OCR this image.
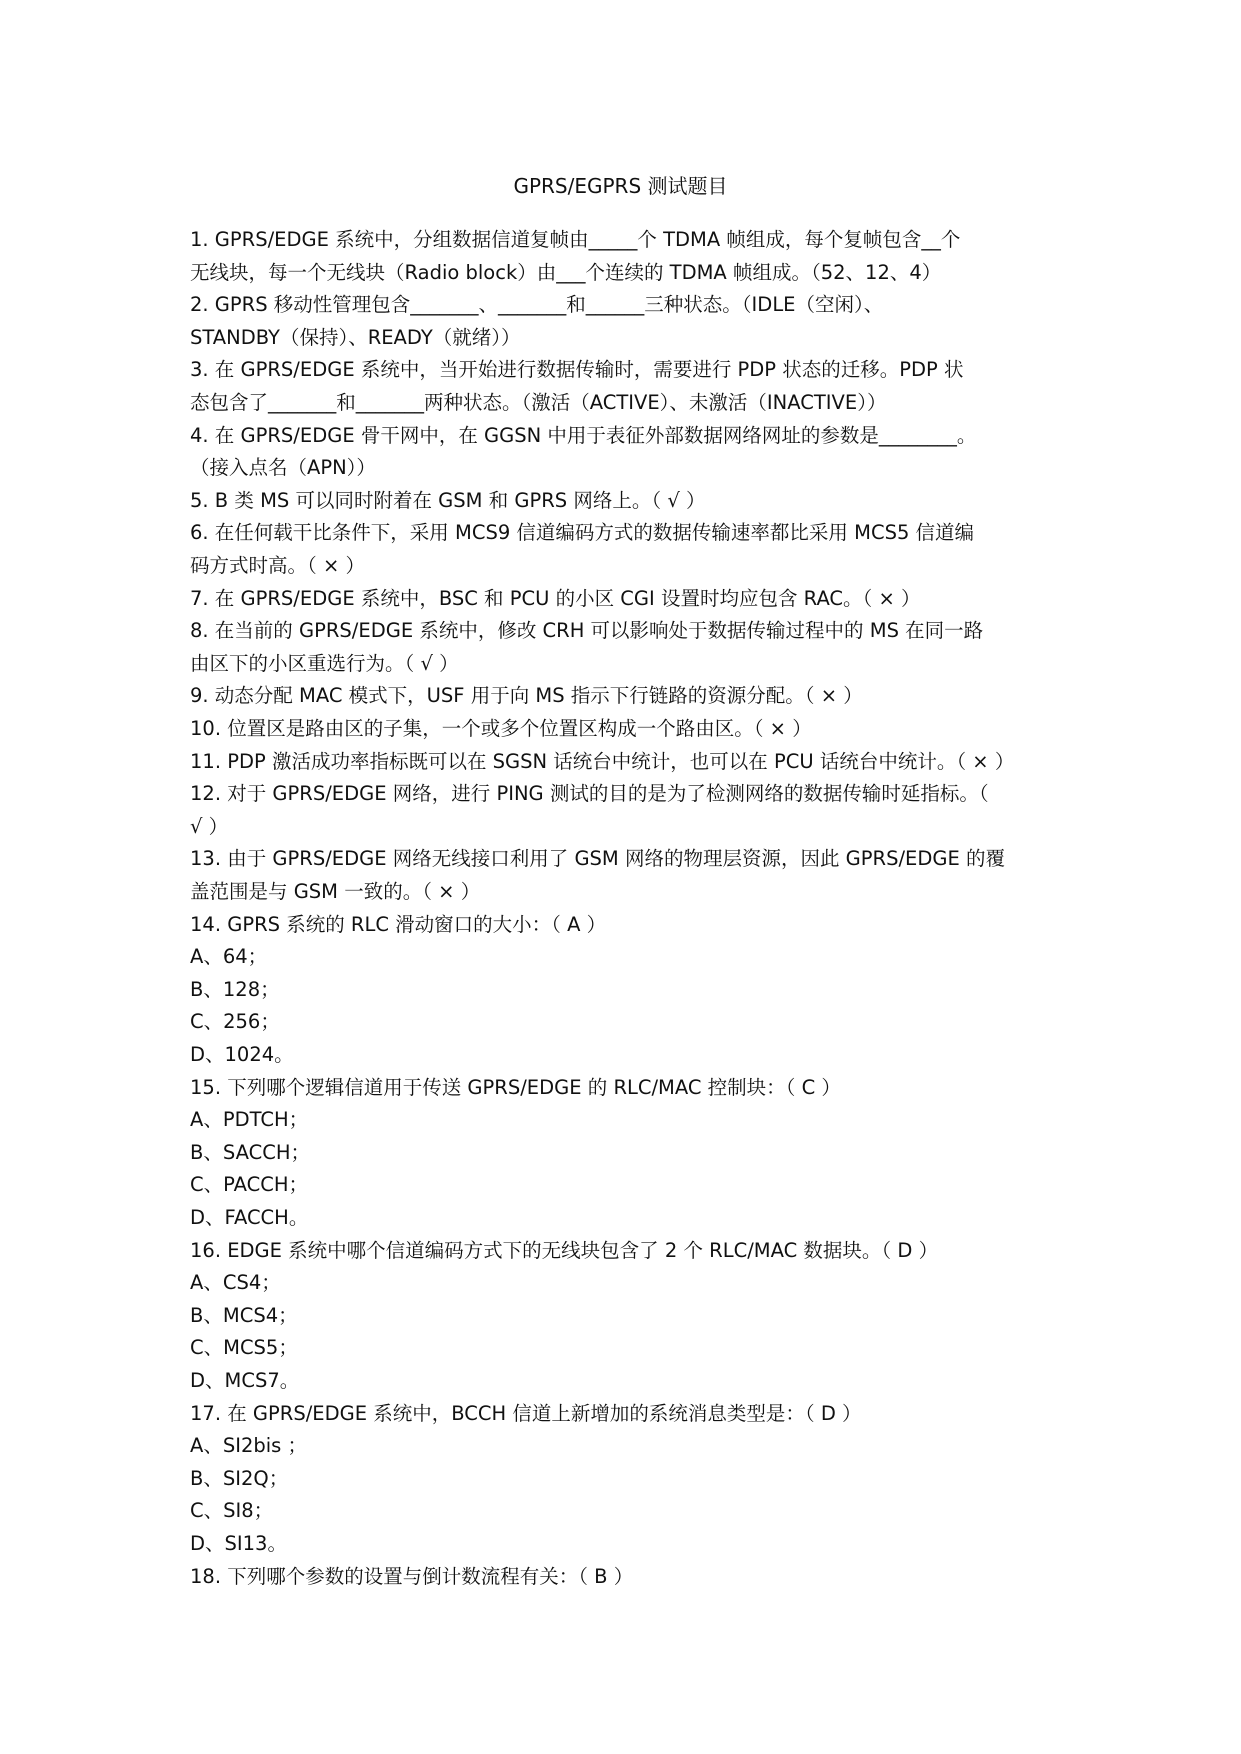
GPRS/EGPRS 测试题目
1. GPRS/EDGE 系统中，分组数据信道复帧由_____个 TDMA 帧组成，每个复帧包含__个
无线块，每一个无线块（Radio block）由___个连续的 TDMA 帧组成。（52、12、4）
2. GPRS 移动性管理包含_______、_______和______三种状态。（IDLE（空闲）、
STANDBY（保持）、READY（就绪））
3. 在 GPRS/EDGE 系统中，当开始进行数据传输时，需要进行 PDP 状态的迁移。PDP 状
态包含了_______和_______两种状态。（激活（ACTIVE）、未激活（INACTIVE））
4. 在 GPRS/EDGE 骨干网中，在 GGSN 中用于表征外部数据网络网址的参数是________。
（接入点名（APN））
5. B 类 MS 可以同时附着在 GSM 和 GPRS 网络上。（ √ ）
6. 在任何载干比条件下，采用 MCS9 信道编码方式的数据传输速率都比采用 MCS5 信道编
码方式时高。（ × ）
7. 在 GPRS/EDGE 系统中，BSC 和 PCU 的小区 CGI 设置时均应包含 RAC。（ × ）
8. 在当前的 GPRS/EDGE 系统中，修改 CRH 可以影响处于数据传输过程中的 MS 在同一路
由区下的小区重选行为。（ √ ）
9. 动态分配 MAC 模式下，USF 用于向 MS 指示下行链路的资源分配。（ × ）
10. 位置区是路由区的子集，一个或多个位置区构成一个路由区。（ × ）
11. PDP 激活成功率指标既可以在 SGSN 话统台中统计，也可以在 PCU 话统台中统计。（ × ）
12. 对于 GPRS/EDGE 网络，进行 PING 测试的目的是为了检测网络的数据传输时延指标。（
√ ）
13. 由于 GPRS/EDGE 网络无线接口利用了 GSM 网络的物理层资源，因此 GPRS/EDGE 的覆
盖范围是与 GSM 一致的。（ × ）
14. GPRS 系统的 RLC 滑动窗口的大小：（ A ）
A、64；
B、128；
C、256；
D、1024。
15. 下列哪个逻辑信道用于传送 GPRS/EDGE 的 RLC/MAC 控制块：（ C ）
A、PDTCH；
B、SACCH；
C、PACCH；
D、FACCH。
16. EDGE 系统中哪个信道编码方式下的无线块包含了 2 个 RLC/MAC 数据块。（ D ）
A、CS4；
B、MCS4；
C、MCS5；
D、MCS7。
17. 在 GPRS/EDGE 系统中，BCCH 信道上新增加的系统消息类型是：（ D ）
A、SI2bis ；
B、SI2Q；
C、SI8；
D、SI13。
18. 下列哪个参数的设置与倒计数流程有关：（ B ）
